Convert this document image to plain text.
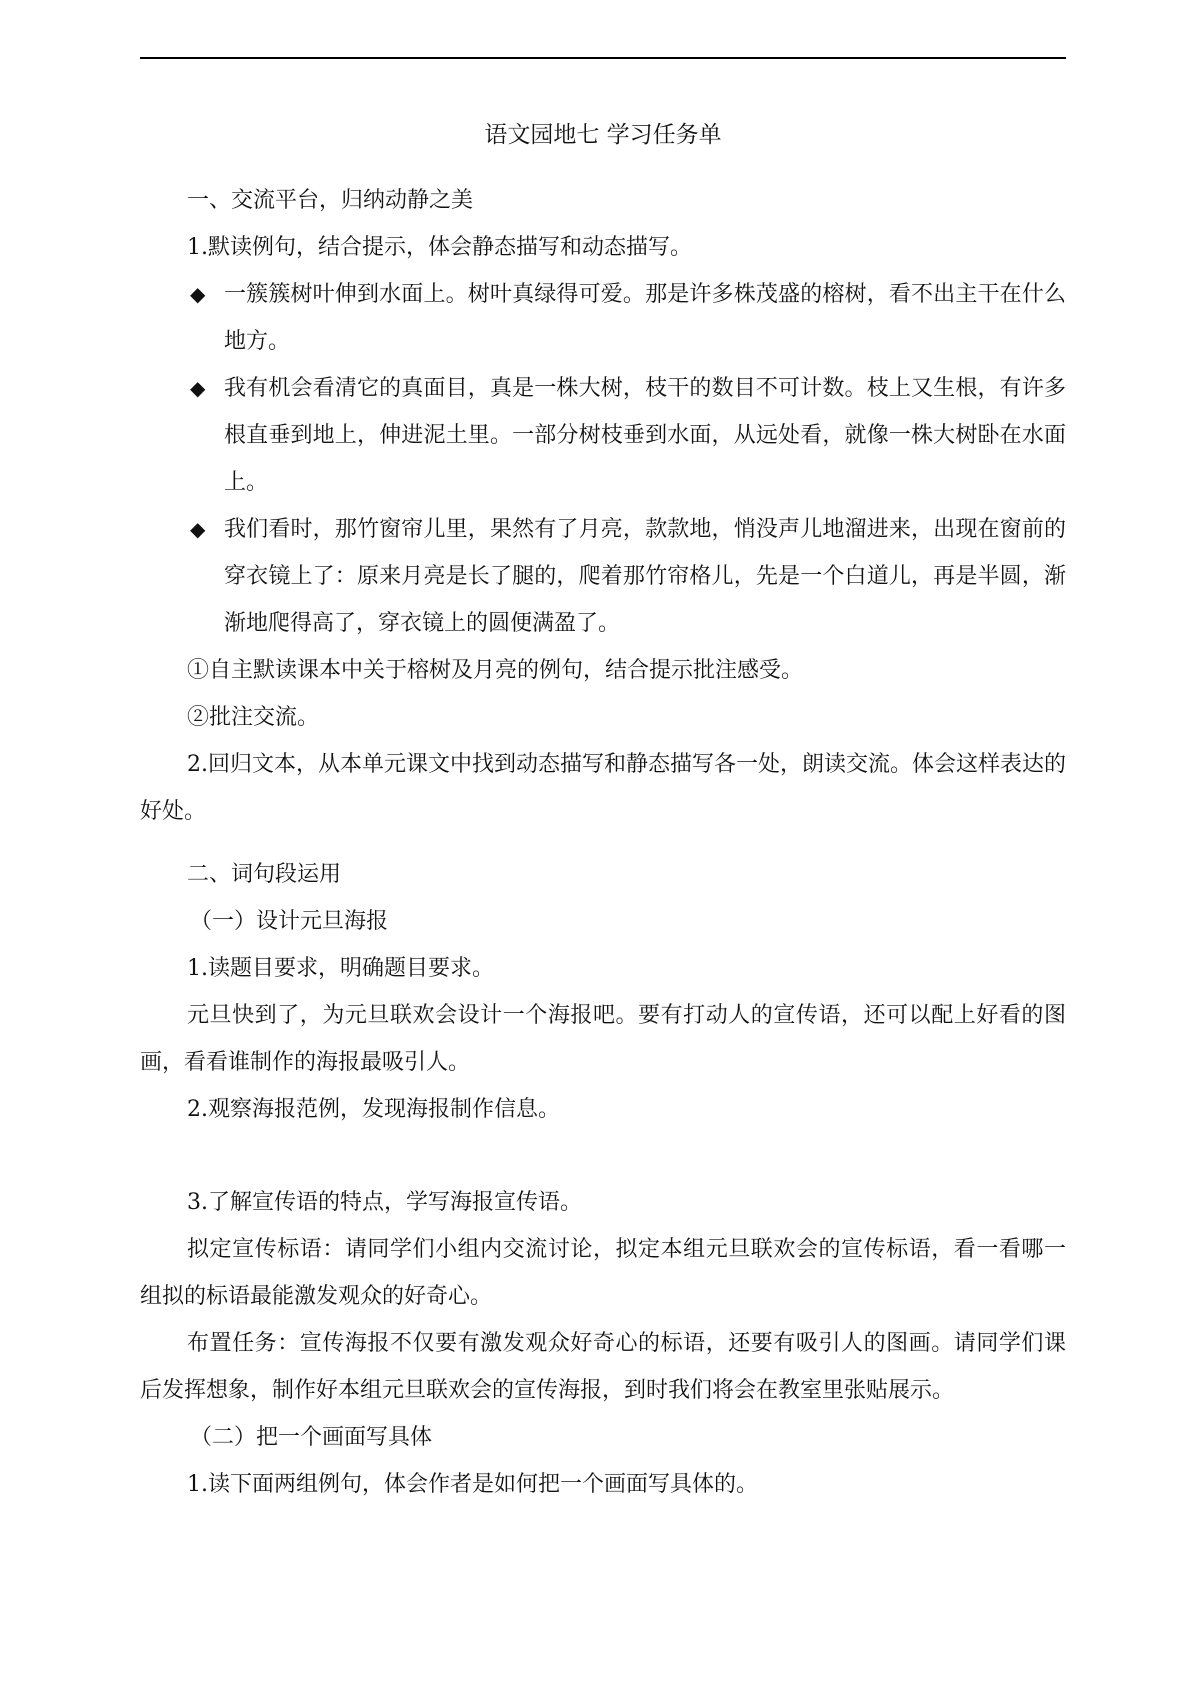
语文园地七 学习任务单
一、交流平台，归纳动静之美
1.默读例句，结合提示，体会静态描写和动态描写。
◆ 一簇簇树叶伸到水面上。树叶真绿得可爱。那是许多株茂盛的榕树，看不出主干在什么地方。
◆ 我有机会看清它的真面目，真是一株大树，枝干的数目不可计数。枝上又生根，有许多根直垂到地上，伸进泥土里。一部分树枝垂到水面，从远处看，就像一株大树卧在水面上。
◆ 我们看时，那竹窗帘儿里，果然有了月亮，款款地，悄没声儿地溜进来，出现在窗前的穿衣镜上了：原来月亮是长了腿的，爬着那竹帘格儿，先是一个白道儿，再是半圆，渐渐地爬得高了，穿衣镜上的圆便满盈了。
①自主默读课本中关于榕树及月亮的例句，结合提示批注感受。
②批注交流。
2.回归文本，从本单元课文中找到动态描写和静态描写各一处，朗读交流。体会这样表达的好处。
二、词句段运用
（一）设计元旦海报
1.读题目要求，明确题目要求。
元旦快到了，为元旦联欢会设计一个海报吧。要有打动人的宣传语，还可以配上好看的图画，看看谁制作的海报最吸引人。
2.观察海报范例，发现海报制作信息。
3.了解宣传语的特点，学写海报宣传语。
拟定宣传标语：请同学们小组内交流讨论，拟定本组元旦联欢会的宣传标语，看一看哪一组拟的标语最能激发观众的好奇心。
布置任务：宣传海报不仅要有激发观众好奇心的标语，还要有吸引人的图画。请同学们课后发挥想象，制作好本组元旦联欢会的宣传海报，到时我们将会在教室里张贴展示。
（二）把一个画面写具体
1.读下面两组例句，体会作者是如何把一个画面写具体的。
